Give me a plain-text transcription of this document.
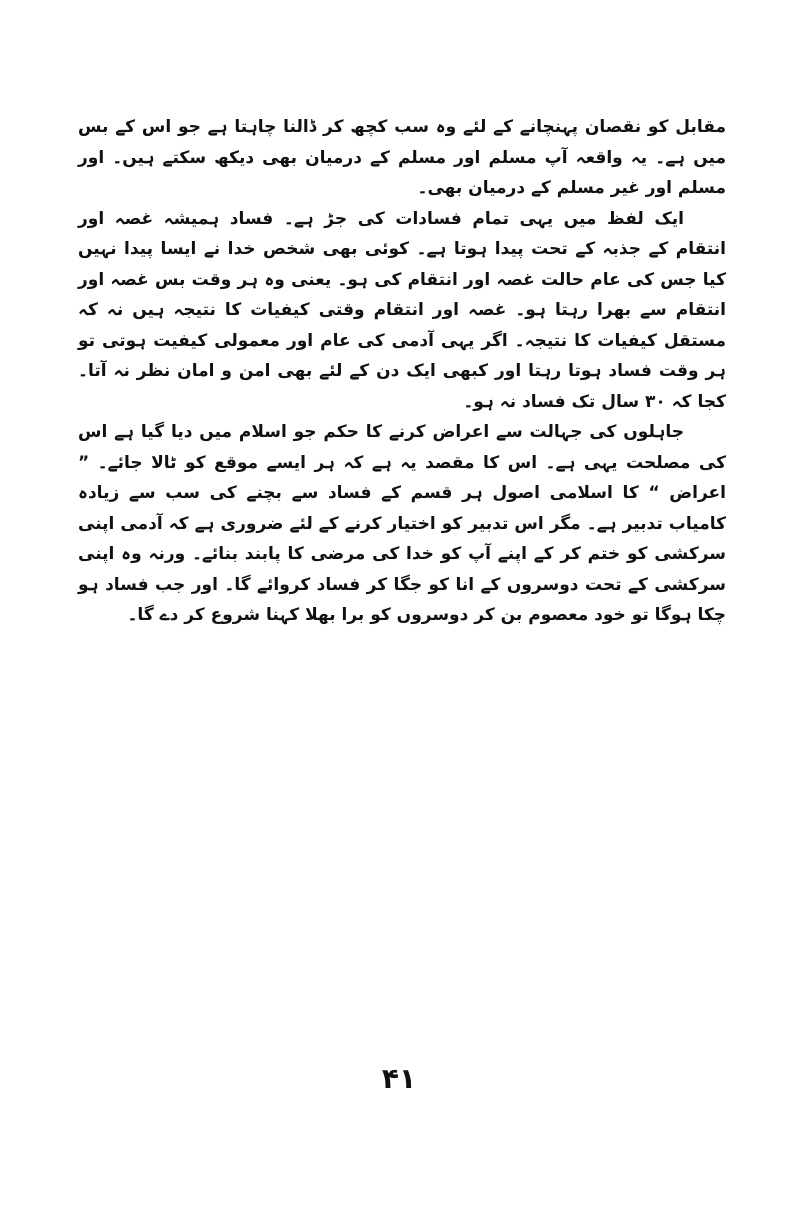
مقابل کو نقصان پہنچانے کے لئے وہ سب کچھ کر ڈالنا چاہتا ہے جو اس کے بس میں ہے۔ یہ واقعہ آپ مسلم اور مسلم کے درمیان بھی دیکھ سکتے ہیں۔ اور مسلم اور غیر مسلم کے درمیان بھی۔

ایک لفظ میں یہی تمام فسادات کی جڑ ہے۔ فساد ہمیشہ غصہ اور انتقام کے جذبہ کے تحت پیدا ہوتا ہے۔ کوئی بھی شخص خدا نے ایسا پیدا نہیں کیا جس کی عام حالت غصہ اور انتقام کی ہو۔ یعنی وہ ہر وقت بس غصہ اور انتقام سے بھرا رہتا ہو۔ غصہ اور انتقام وقتی کیفیات کا نتیجہ ہیں نہ کہ مستقل کیفیات کا نتیجہ۔ اگر یہی آدمی کی عام اور معمولی کیفیت ہوتی تو ہر وقت فساد ہوتا رہتا اور کبھی ایک دن کے لئے بھی امن و امان نظر نہ آتا۔ کجا کہ ۳۰ سال تک فساد نہ ہو۔

جاہلوں کی جہالت سے اعراض کرنے کا حکم جو اسلام میں دیا گیا ہے اس کی مصلحت یہی ہے۔ اس کا مقصد یہ ہے کہ ہر ایسے موقع کو ٹالا جائے۔ ” اعراض “ کا اسلامی اصول ہر قسم کے فساد سے بچنے کی سب سے زیادہ کامیاب تدبیر ہے۔ مگر اس تدبیر کو اختیار کرنے کے لئے ضروری ہے کہ آدمی اپنی سرکشی کو ختم کر کے اپنے آپ کو خدا کی مرضی کا پابند بنائے۔ ورنہ وہ اپنی سرکشی کے تحت دوسروں کے انا کو جگا کر فساد کروائے گا۔ اور جب فساد ہو چکا ہوگا تو خود معصوم بن کر دوسروں کو برا بھلا کہنا شروع کر دے گا۔

۴۱
